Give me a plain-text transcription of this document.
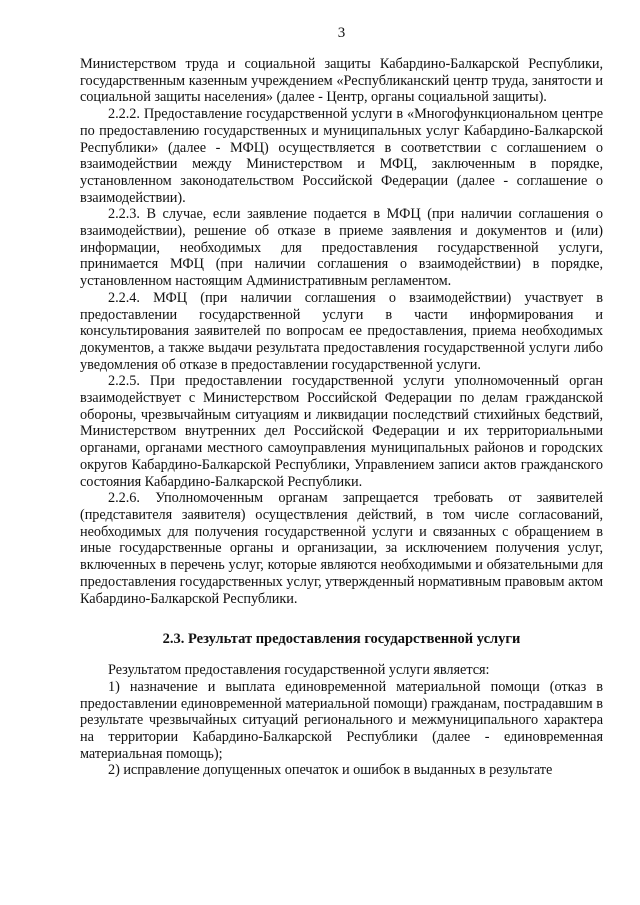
3

Министерством труда и социальной защиты Кабардино-Балкарской Республики, государственным казенным учреждением «Республиканский центр труда, занятости и социальной защиты населения» (далее - Центр, органы социальной защиты).

2.2.2. Предоставление государственной услуги в «Многофункциональном центре по предоставлению государственных и муниципальных услуг Кабардино-Балкарской Республики» (далее - МФЦ) осуществляется в соответствии с соглашением о взаимодействии между Министерством и МФЦ, заключенным в порядке, установленном законодательством Российской Федерации (далее - соглашение о взаимодействии).

2.2.3. В случае, если заявление подается в МФЦ (при наличии соглашения о взаимодействии), решение об отказе в приеме заявления и документов и (или) информации, необходимых для предоставления государственной услуги, принимается МФЦ (при наличии соглашения о взаимодействии) в порядке, установленном настоящим Административным регламентом.

2.2.4. МФЦ (при наличии соглашения о взаимодействии) участвует в предоставлении государственной услуги в части информирования и консультирования заявителей по вопросам ее предоставления, приема необходимых документов, а также выдачи результата предоставления государственной услуги либо уведомления об отказе в предоставлении государственной услуги.

2.2.5. При предоставлении государственной услуги уполномоченный орган взаимодействует с Министерством Российской Федерации по делам гражданской обороны, чрезвычайным ситуациям и ликвидации последствий стихийных бедствий, Министерством внутренних дел Российской Федерации и их территориальными органами, органами местного самоуправления муниципальных районов и городских округов Кабардино-Балкарской Республики, Управлением записи актов гражданского состояния Кабардино-Балкарской Республики.

2.2.6. Уполномоченным органам запрещается требовать от заявителей (представителя заявителя) осуществления действий, в том числе согласований, необходимых для получения государственной услуги и связанных с обращением в иные государственные органы и организации, за исключением получения услуг, включенных в перечень услуг, которые являются необходимыми и обязательными для предоставления государственных услуг, утвержденный нормативным правовым актом Кабардино-Балкарской Республики.

2.3. Результат предоставления государственной услуги

Результатом предоставления государственной услуги является:

1) назначение и выплата единовременной материальной помощи (отказ в предоставлении единовременной материальной помощи) гражданам, пострадавшим в результате чрезвычайных ситуаций регионального и межмуниципального характера на территории Кабардино-Балкарской Республики (далее - единовременная материальная помощь);

2) исправление допущенных опечаток и ошибок в выданных в результате
